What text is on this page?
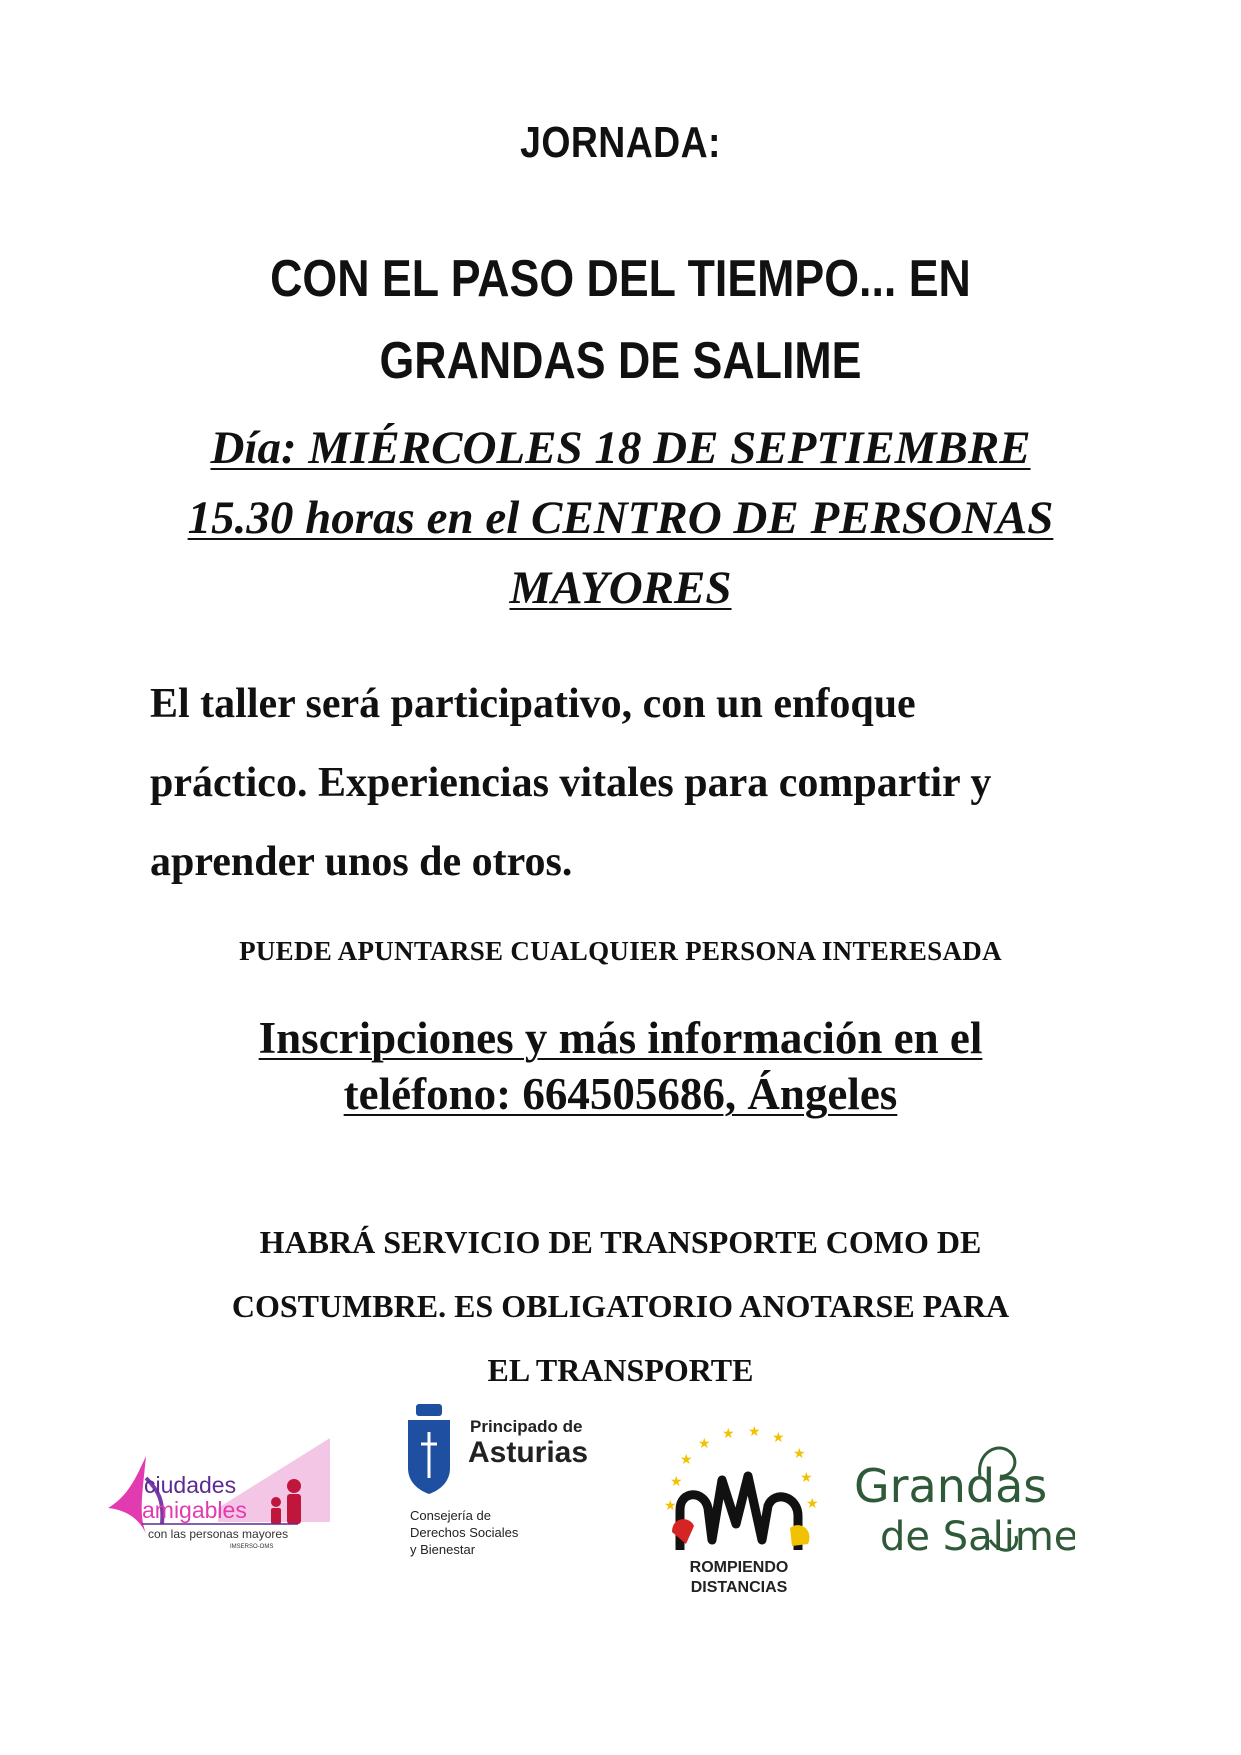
JORNADA:
CON EL PASO DEL TIEMPO... EN
GRANDAS DE SALIME
Día: MIÉRCOLES 18 DE SEPTIEMBRE
15.30 horas en el CENTRO DE PERSONAS
MAYORES
El taller será participativo, con un enfoque
práctico. Experiencias vitales para compartir y
aprender unos de otros.
PUEDE APUNTARSE CUALQUIER PERSONA INTERESADA
Inscripciones y más información en el
teléfono: 664505686, Ángeles
HABRÁ SERVICIO DE TRANSPORTE COMO DE
COSTUMBRE. ES OBLIGATORIO ANOTARSE PARA
EL TRANSPORTE
ciudades
amigables
con las personas mayores
IMSERSO-OMS
Principado de
Asturias
Consejería de
Derechos Sociales
y Bienestar
★
★ ★ ★
★
★
★	★
★	★
ROMPIENDO
DISTANCIAS
Grandas
de Salime
